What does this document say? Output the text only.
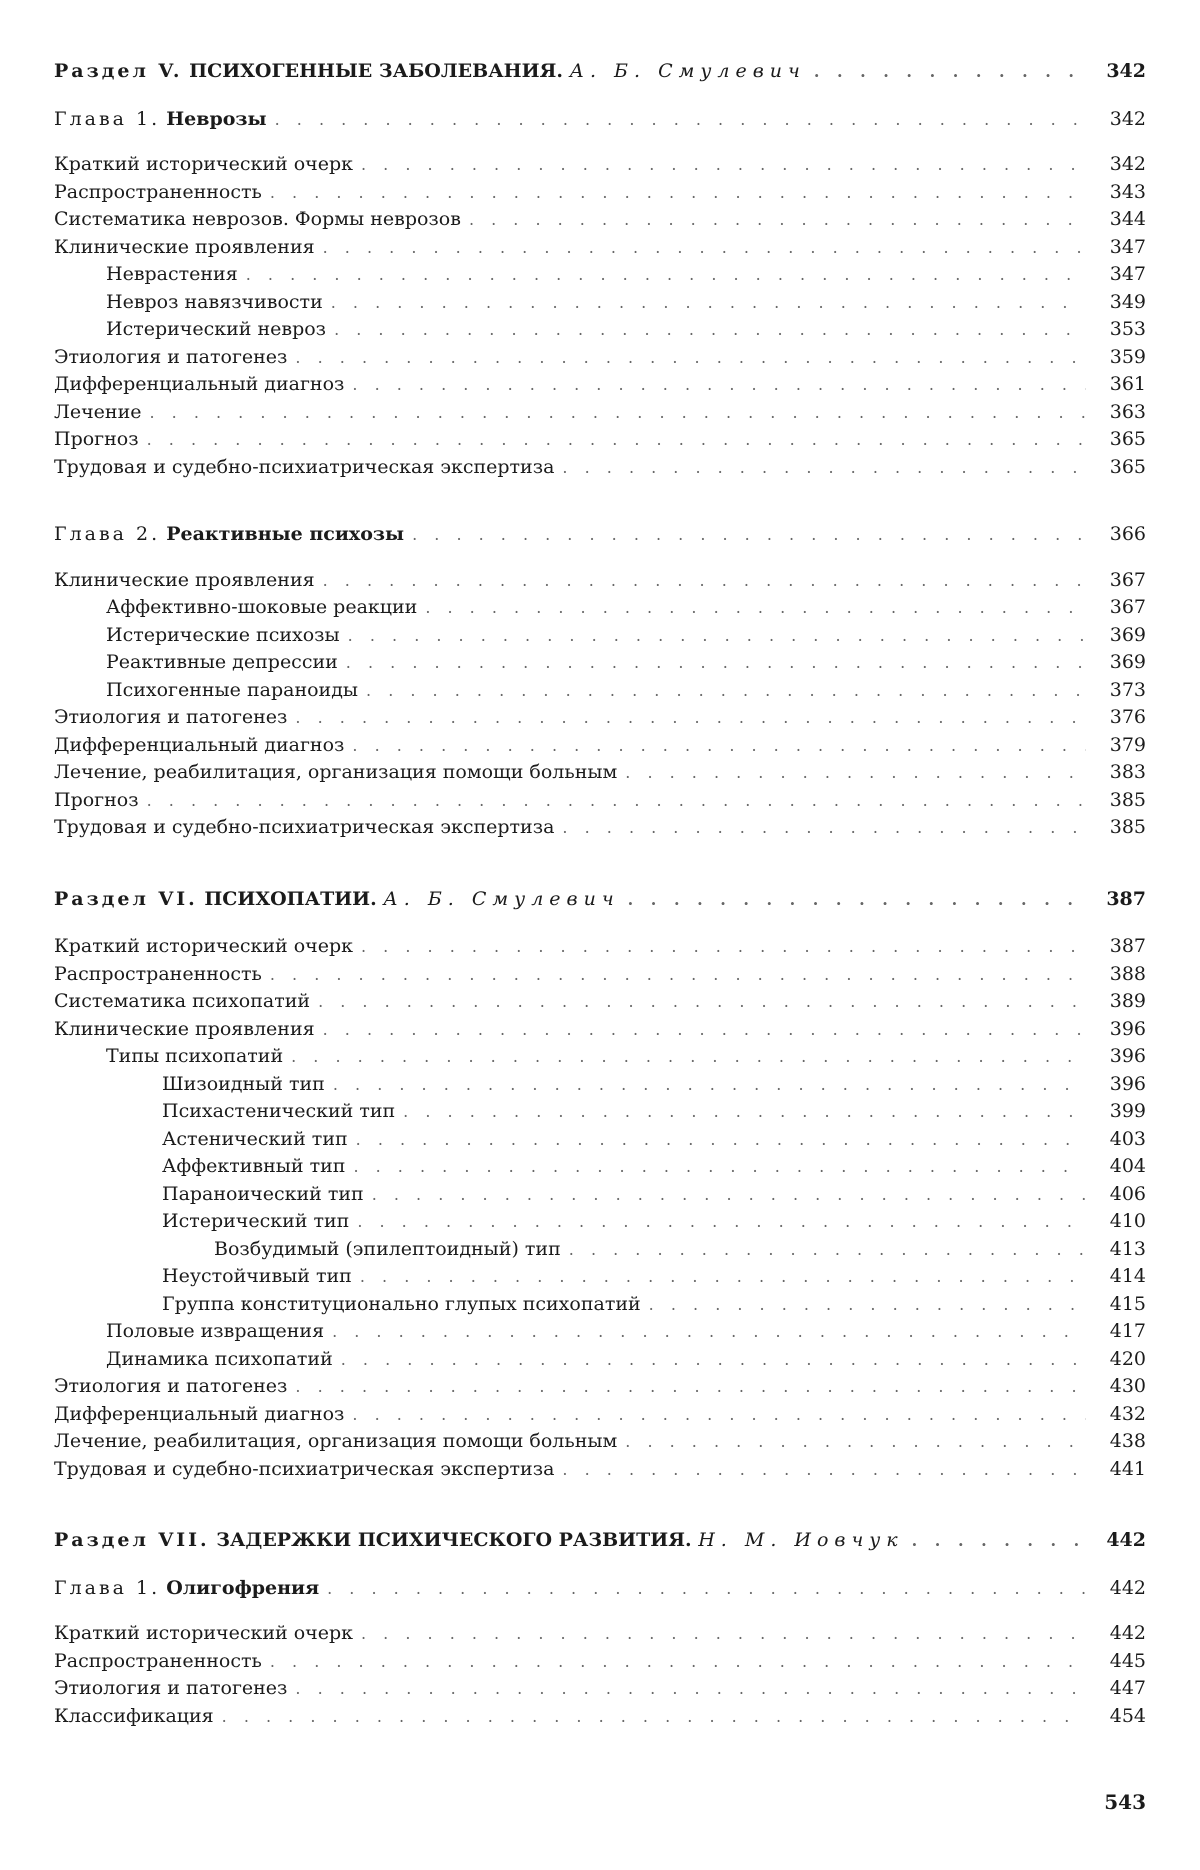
Раздел V. ПСИХОГЕННЫЕ ЗАБОЛЕВАНИЯ. А. Б. Смулевич . . .	342
Глава 1. Неврозы . . .	342
Краткий исторический очерк . . .	342
Распространенность . . .	343
Систематика неврозов. Формы неврозов . . .	344
Клинические проявления . . .	347
Неврастения . . .	347
Невроз навязчивости . . .	349
Истерический невроз . . .	353
Этиология и патогенез . . .	359
Дифференциальный диагноз . . .	361
Лечение . . .	363
Прогноз . . .	365
Трудовая и судебно-психиатрическая экспертиза . . .	365
Глава 2. Реактивные психозы . . .	366
Клинические проявления . . .	367
Аффективно-шоковые реакции . . .	367
Истерические психозы . . .	369
Реактивные депрессии . . .	369
Психогенные параноиды . . .	373
Этиология и патогенез . . .	376
Дифференциальный диагноз . . .	379
Лечение, реабилитация, организация помощи больным . . .	383
Прогноз . . .	385
Трудовая и судебно-психиатрическая экспертиза . . .	385
Раздел VI. ПСИХОПАТИИ. А. Б. Смулевич . . .	387
Краткий исторический очерк . . .	387
Распространенность . . .	388
Систематика психопатий . . .	389
Клинические проявления . . .	396
Типы психопатий . . .	396
Шизоидный тип . . .	396
Психастенический тип . . .	399
Астенический тип . . .	403
Аффективный тип . . .	404
Параноический тип . . .	406
Истерический тип . . .	410
Возбудимый (эпилептоидный) тип . . .	413
Неустойчивый тип . . .	414
Группа конституционально глупых психопатий . . .	415
Половые извращения . . .	417
Динамика психопатий . . .	420
Этиология и патогенез . . .	430
Дифференциальный диагноз . . .	432
Лечение, реабилитация, организация помощи больным . . .	438
Трудовая и судебно-психиатрическая экспертиза . . .	441
Раздел VII. ЗАДЕРЖКИ ПСИХИЧЕСКОГО РАЗВИТИЯ. Н. М. Иовчук . . .	442
Глава 1. Олигофрения . . .	442
Краткий исторический очерк . . .	442
Распространенность . . .	445
Этиология и патогенез . . .	447
Классификация . . .	454
543
